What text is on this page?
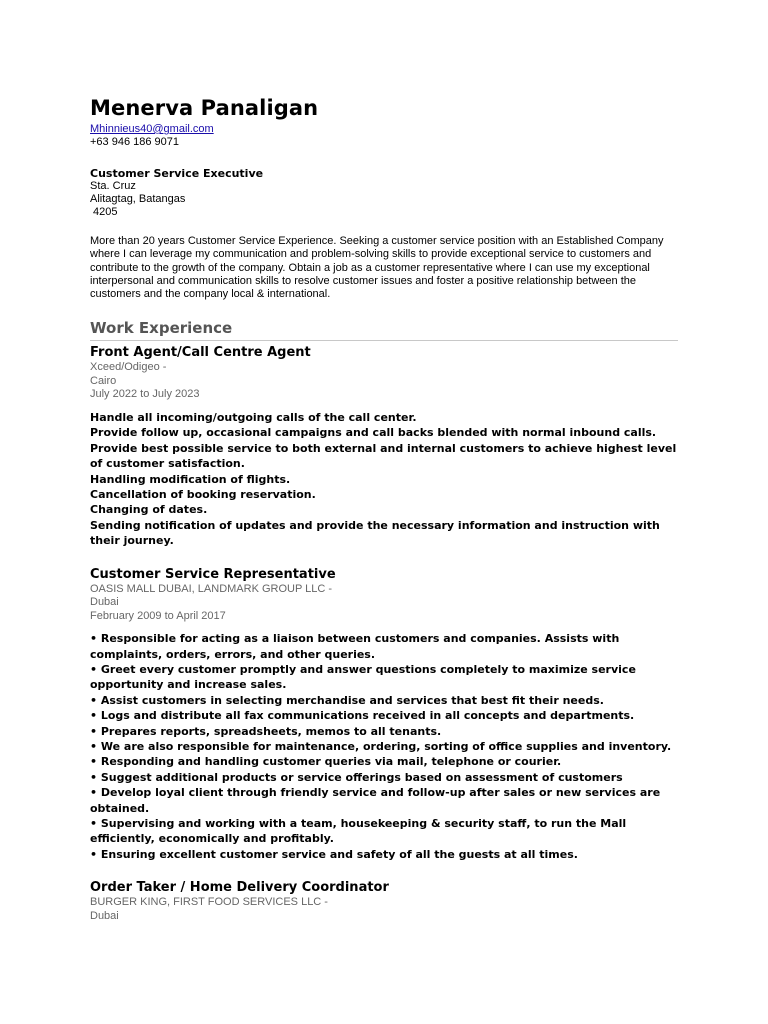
Menerva Panaligan
Mhinnieus40@gmail.com
+63 946 186 9071
Customer Service Executive
Sta. Cruz
Alitagtag, Batangas
4205
More than 20 years Customer Service Experience. Seeking a customer service position with an Established Company where I can leverage my communication and problem-solving skills to provide exceptional service to customers and contribute to the growth of the company. Obtain a job as a customer representative where I can use my exceptional interpersonal and communication skills to resolve customer issues and foster a positive relationship between the customers and the company local & international.
Work Experience
Front Agent/Call Centre Agent
Xceed/Odigeo -
Cairo
July 2022 to July 2023
Handle all incoming/outgoing calls of the call center.
Provide follow up, occasional campaigns and call backs blended with normal inbound calls.
Provide best possible service to both external and internal customers to achieve highest level of customer satisfaction.
Handling modification of flights.
Cancellation of booking reservation.
Changing of dates.
Sending notification of updates and provide the necessary information and instruction with their journey.
Customer Service Representative
OASIS MALL DUBAI, LANDMARK GROUP LLC -
Dubai
February 2009 to April 2017
• Responsible for acting as a liaison between customers and companies. Assists with complaints, orders, errors, and other queries.
• Greet every customer promptly and answer questions completely to maximize service opportunity and increase sales.
• Assist customers in selecting merchandise and services that best fit their needs.
• Logs and distribute all fax communications received in all concepts and departments.
• Prepares reports, spreadsheets, memos to all tenants.
• We are also responsible for maintenance, ordering, sorting of office supplies and inventory.
• Responding and handling customer queries via mail, telephone or courier.
• Suggest additional products or service offerings based on assessment of customers
• Develop loyal client through friendly service and follow-up after sales or new services are obtained.
• Supervising and working with a team, housekeeping & security staff, to run the Mall efficiently, economically and profitably.
• Ensuring excellent customer service and safety of all the guests at all times.
Order Taker / Home Delivery Coordinator
BURGER KING, FIRST FOOD SERVICES LLC -
Dubai
